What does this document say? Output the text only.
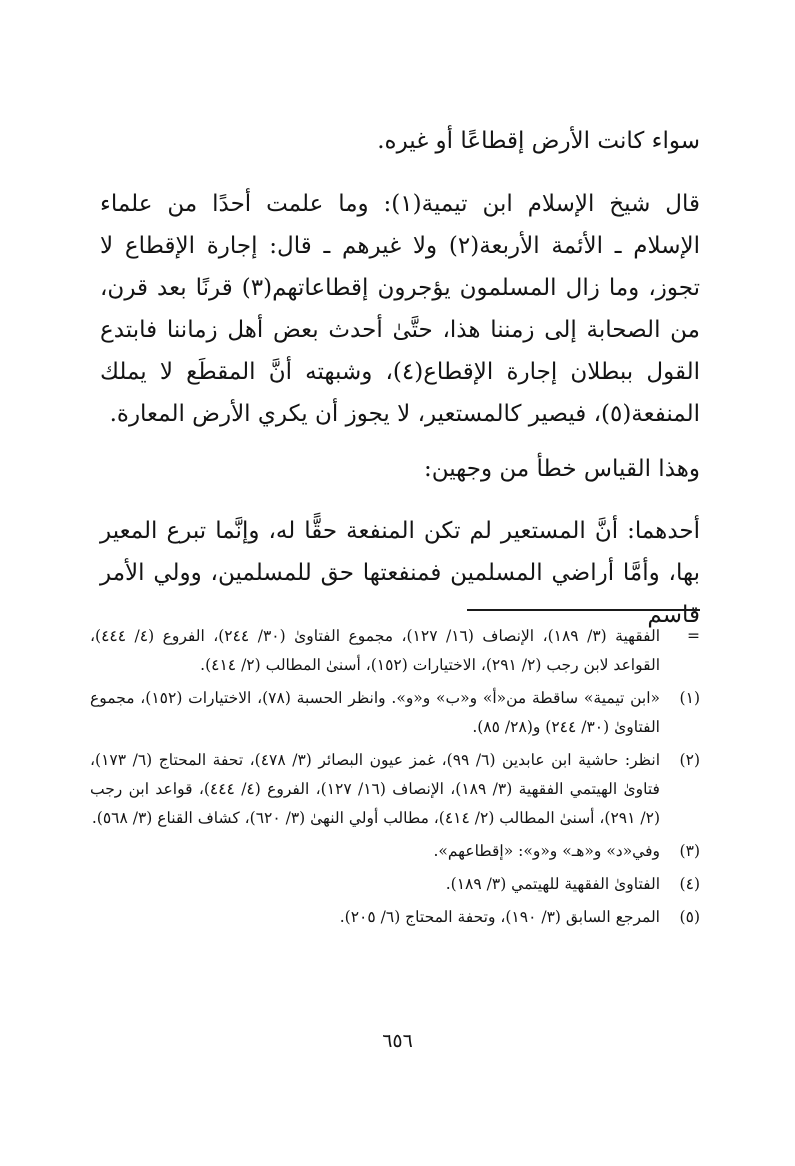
سواء كانت الأرض إقطاعًا أو غيره.

قال شيخ الإسلام ابن تيمية(١): وما علمت أحدًا من علماء الإسلام ـ الأئمة الأربعة(٢) ولا غيرهم ـ قال: إجارة الإقطاع لا تجوز، وما زال المسلمون يؤجرون إقطاعاتهم(٣) قرنًا بعد قرن، من الصحابة إلى زمننا هذا، حتَّىٰ أحدث بعض أهل زماننا فابتدع القول ببطلان إجارة الإقطاع(٤)، وشبهته أنَّ المقطَع لا يملك المنفعة(٥)، فيصير كالمستعير، لا يجوز أن يكري الأرض المعارة.

وهذا القياس خطأ من وجهين:

أحدهما: أنَّ المستعير لم تكن المنفعة حقًّا له، وإنَّما تبرع المعير بها، وأمَّا أراضي المسلمين فمنفعتها حق للمسلمين، وولي الأمر قاسم

=
الفقهية (٣/ ١٨٩)، الإنصاف (١٦/ ١٢٧)، مجموع الفتاوىٰ (٣٠/ ٢٤٤)، الفروع (٤/ ٤٤٤)، القواعد لابن رجب (٢/ ٢٩١)، الاختيارات (١٥٢)، أسنىٰ المطالب (٢/ ٤١٤).
(١)
«ابن تيمية» ساقطة من«أ» و«ب» و«و». وانظر الحسبة (٧٨)، الاختيارات (١٥٢)، مجموع الفتاوىٰ (٣٠/ ٢٤٤) و(٢٨/ ٨٥).
(٢)
انظر: حاشية ابن عابدين (٦/ ٩٩)، غمز عيون البصائر (٣/ ٤٧٨)، تحفة المحتاج (٦/ ١٧٣)، فتاوىٰ الهيتمي الفقهية (٣/ ١٨٩)، الإنصاف (١٦/ ١٢٧)، الفروع (٤/ ٤٤٤)، قواعد ابن رجب (٢/ ٢٩١)، أسنىٰ المطالب (٢/ ٤١٤)، مطالب أولي النهىٰ (٣/ ٦٢٠)، كشاف القناع (٣/ ٥٦٨).
(٣)
وفي«د» و«هـ» و«و»: «إقطاعهم».
(٤)
الفتاوىٰ الفقهية للهيتمي (٣/ ١٨٩).
(٥)
المرجع السابق (٣/ ١٩٠)، وتحفة المحتاج (٦/ ٢٠٥).
٦٥٦
